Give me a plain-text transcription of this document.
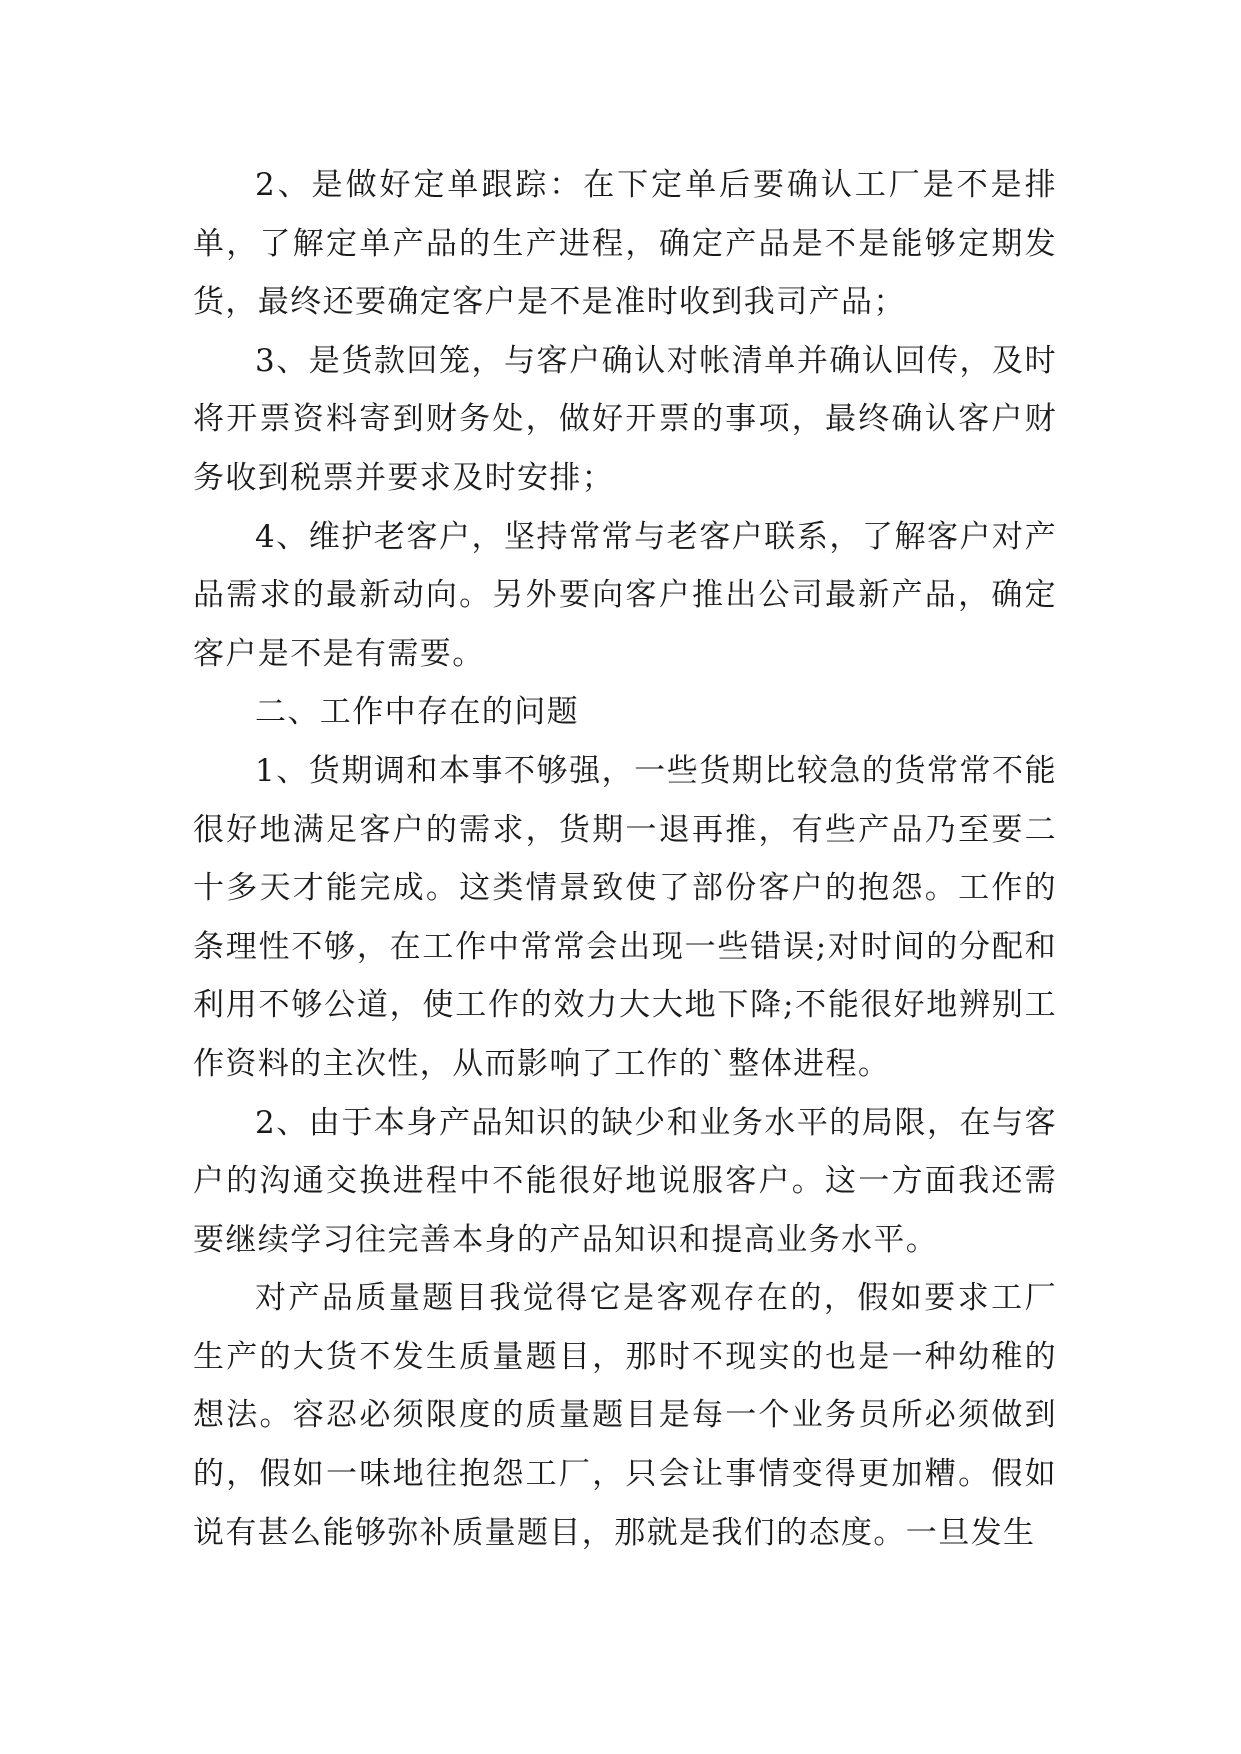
2、是做好定单跟踪：在下定单后要确认工厂是不是排单，了解定单产品的生产进程，确定产品是不是能够定期发货，最终还要确定客户是不是准时收到我司产品；

3、是货款回笼，与客户确认对帐清单并确认回传，及时将开票资料寄到财务处，做好开票的事项，最终确认客户财务收到税票并要求及时安排；

4、维护老客户，坚持常常与老客户联系，了解客户对产品需求的最新动向。另外要向客户推出公司最新产品，确定客户是不是有需要。

二、工作中存在的问题

1、货期调和本事不够强，一些货期比较急的货常常不能很好地满足客户的需求，货期一退再推，有些产品乃至要二十多天才能完成。这类情景致使了部份客户的抱怨。工作的条理性不够，在工作中常常会出现一些错误;对时间的分配和利用不够公道，使工作的效力大大地下降;不能很好地辨别工作资料的主次性，从而影响了工作的`整体进程。

2、由于本身产品知识的缺少和业务水平的局限，在与客户的沟通交换进程中不能很好地说服客户。这一方面我还需要继续学习往完善本身的产品知识和提高业务水平。

对产品质量题目我觉得它是客观存在的，假如要求工厂生产的大货不发生质量题目，那时不现实的也是一种幼稚的想法。容忍必须限度的质量题目是每一个业务员所必须做到的，假如一味地往抱怨工厂，只会让事情变得更加糟。假如说有甚么能够弥补质量题目，那就是我们的态度。一旦发生
